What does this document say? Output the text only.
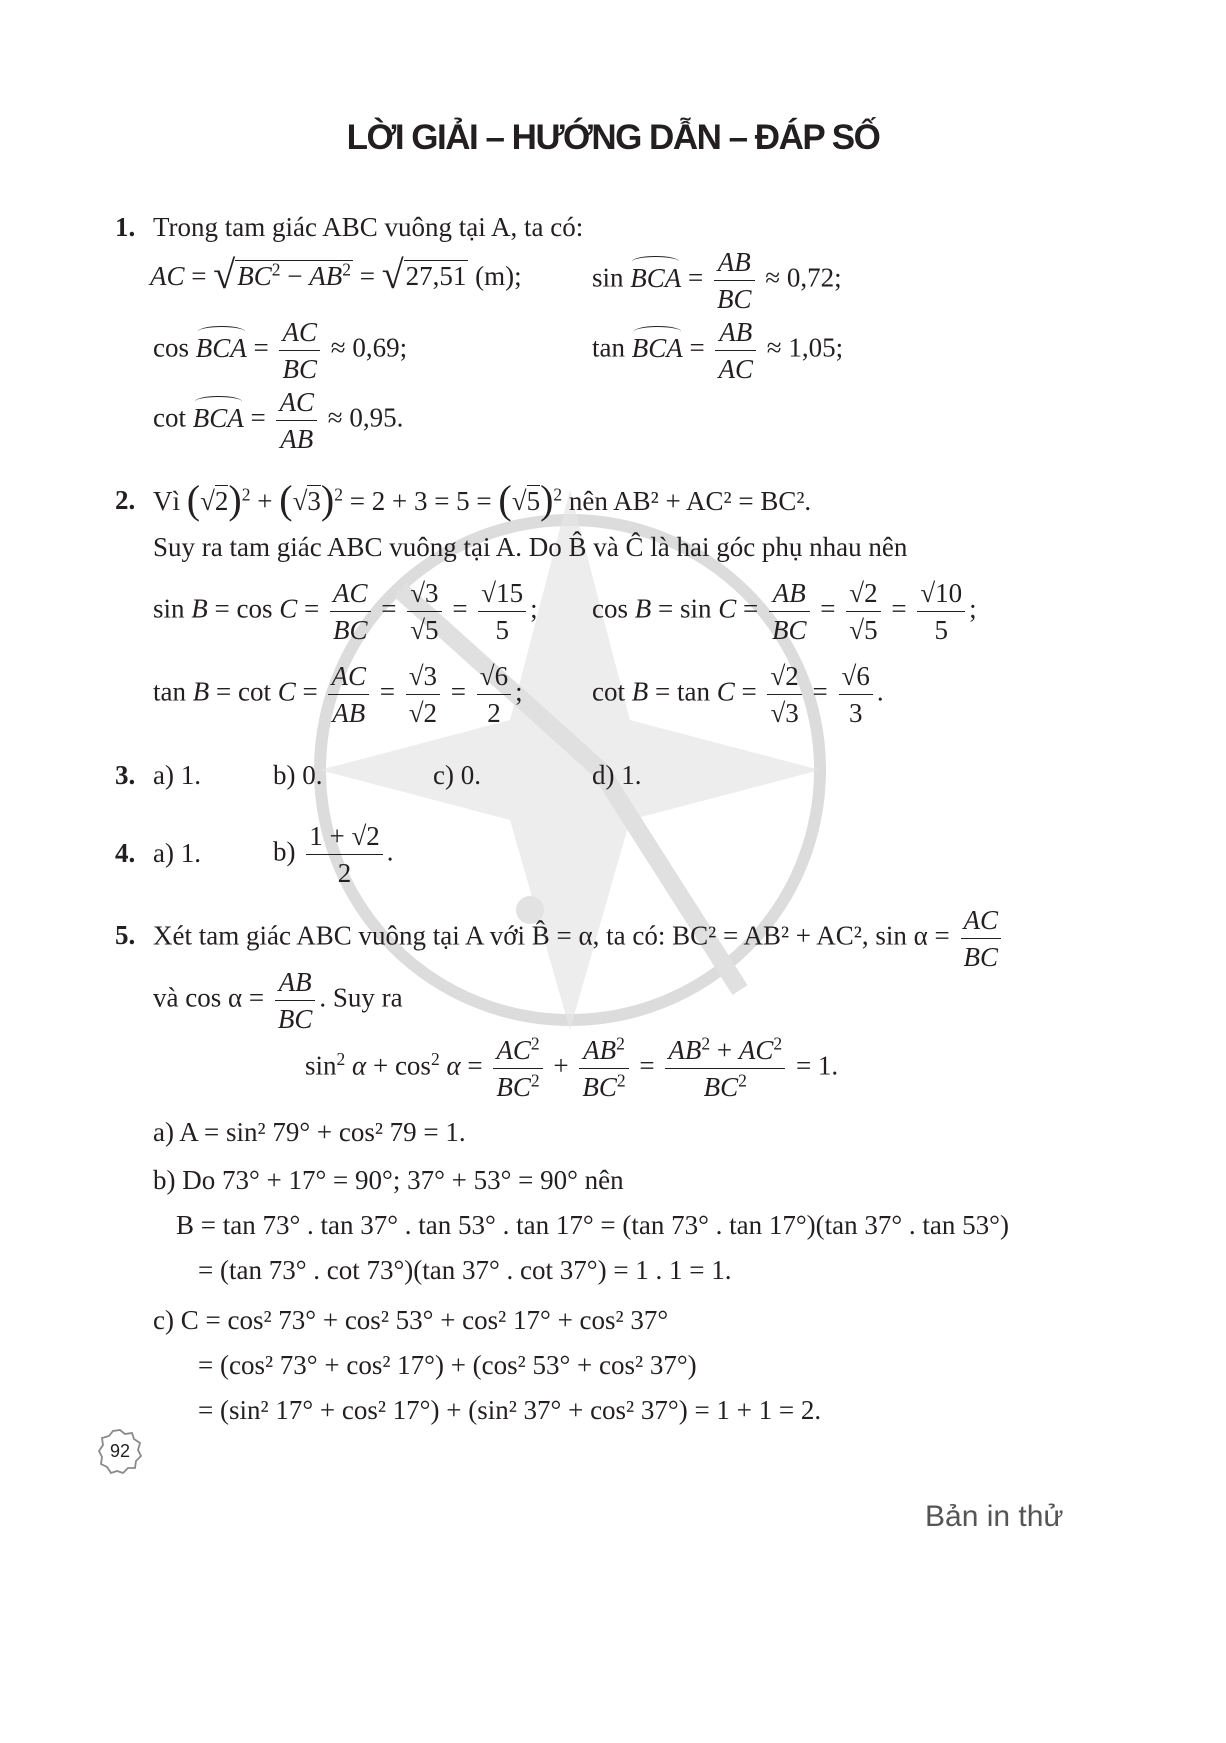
LỜI GIẢI – HƯỚNG DẪN – ĐÁP SỐ
1. Trong tam giác ABC vuông tại A, ta có:
AC = $√BC^2 - AB^2 = √27,51$ (m);	sin BCA = $\frac{AB}{BC} \approx 0,72$;
cos BCA = $\frac{AC}{BC} \approx 0,69$;	tan BCA = $\frac{AB}{AC} \approx 1,05$;
cot BCA = $\frac{AC}{AB} \approx 0,95$.
2. Vì $(√2)^2 + (√3)^2 = 2 + 3 = 5 = (√5)^2$ nên AB² + AC² = BC².
Suy ra tam giác ABC vuông tại A. Do B̂ và Ĉ là hai góc phụ nhau nên
$\sin B = \cos C = \frac{AC}{BC} = \frac{√3}{√5} = \frac{√15}{5}$ ; $\cos B = \sin C = \frac{AB}{BC} = \frac{√2}{√5} = \frac{√10}{5}$ ;
$\tan B = \cot C = \frac{AC}{AB} = \frac{√3}{√2} = \frac{√6}{2}$ ;	$\cot B = \tan C = \frac{√2}{√3} = \frac{√6}{3}$ .
3. a) 1.	b) 0.	c) 0.	d) 1.
4. a) 1.	$b) \frac{1 + √2}{2}$ .
5. Xét tam giác ABC vuông tại A với B̂ = α, ta có: BC² = AB² + AC², $\sin \alpha = \frac{AC}{BC}$
và $\cos \alpha = \frac{AB}{BC}$ . Suy ra
$\sin^2 \alpha + \cos^2 \alpha = \frac{AC^2}{BC^2} + \frac{AB^2}{BC^2} = \frac{AB^2 + AC^2}{BC^2} = 1$.
a) A = sin² 79° + cos² 79 = 1.
b) Do 73° + 17° = 90°; 37° + 53° = 90° nên
B = tan 73° . tan 37° . tan 53° . tan 17° = (tan 73° . tan 17°)(tan 37° . tan 53°)
= (tan 73° . cot 73°)(tan 37° . cot 37°) = 1 . 1 = 1.
c) C = cos² 73° + cos² 53° + cos² 17° + cos² 37°
= (cos² 73° + cos² 17°) + (cos² 53° + cos² 37°)
= (sin² 17° + cos² 17°) + (sin² 37° + cos² 37°) = 1 + 1 = 2.
92
Bản in thử
